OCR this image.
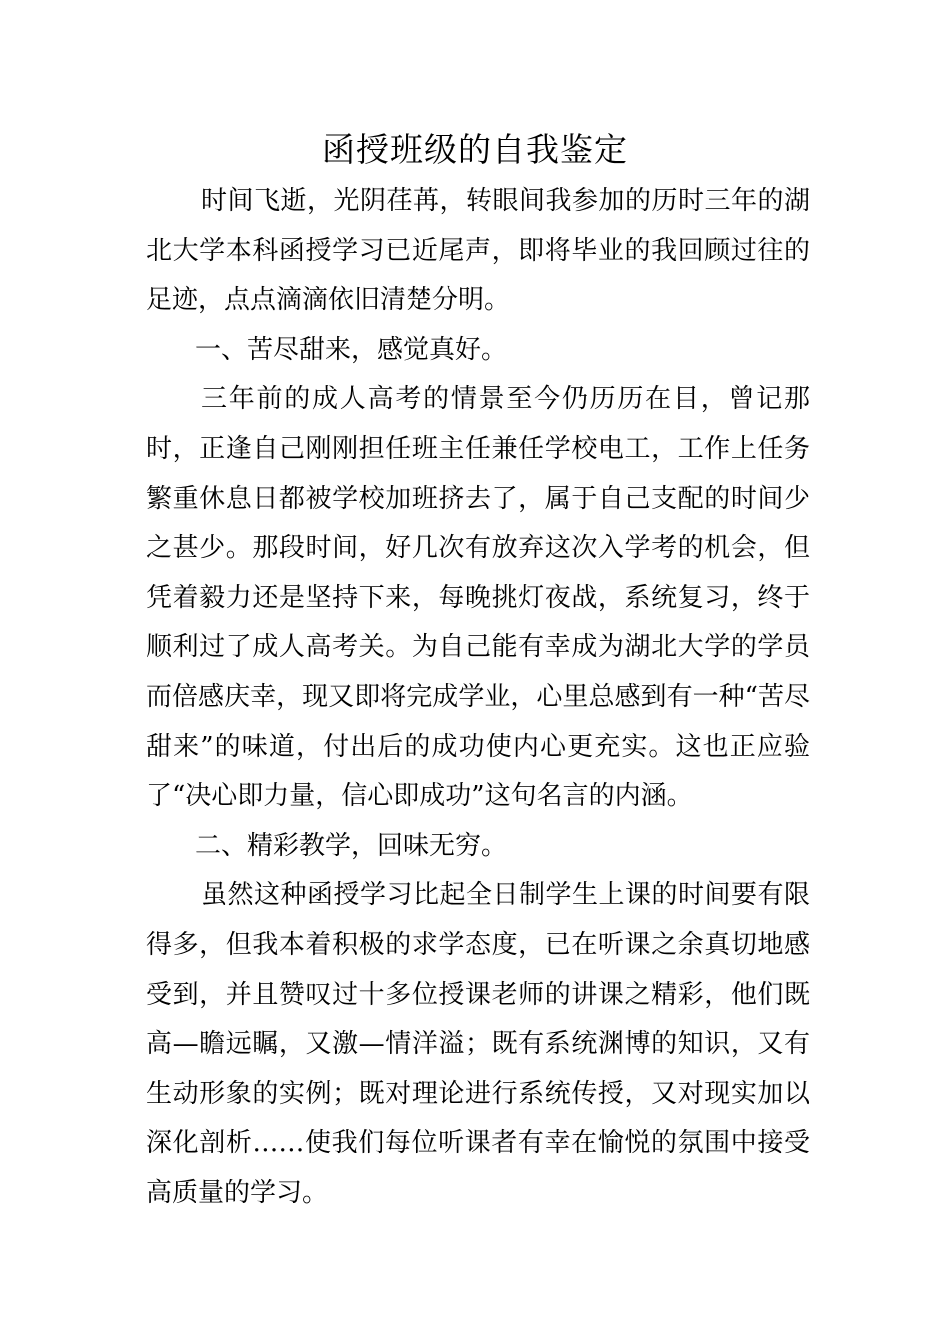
函授班级的自我鉴定

时间飞逝，光阴荏苒，转眼间我参加的历时三年的湖北大学本科函授学习已近尾声，即将毕业的我回顾过往的足迹，点点滴滴依旧清楚分明。

一、苦尽甜来，感觉真好。

三年前的成人高考的情景至今仍历历在目，曾记那时，正逢自己刚刚担任班主任兼任学校电工，工作上任务繁重休息日都被学校加班挤去了，属于自己支配的时间少之甚少。那段时间，好几次有放弃这次入学考的机会，但凭着毅力还是坚持下来，每晚挑灯夜战，系统复习，终于顺利过了成人高考关。为自己能有幸成为湖北大学的学员而倍感庆幸，现又即将完成学业，心里总感到有一种“苦尽甜来”的味道，付出后的成功使内心更充实。这也正应验了“决心即力量，信心即成功”这句名言的内涵。

二、精彩教学，回味无穷。

虽然这种函授学习比起全日制学生上课的时间要有限得多，但我本着积极的求学态度，已在听课之余真切地感受到，并且赞叹过十多位授课老师的讲课之精彩，他们既高—瞻远瞩，又激—情洋溢；既有系统渊博的知识，又有生动形象的实例；既对理论进行系统传授，又对现实加以深化剖析……使我们每位听课者有幸在愉悦的氛围中接受高质量的学习。
